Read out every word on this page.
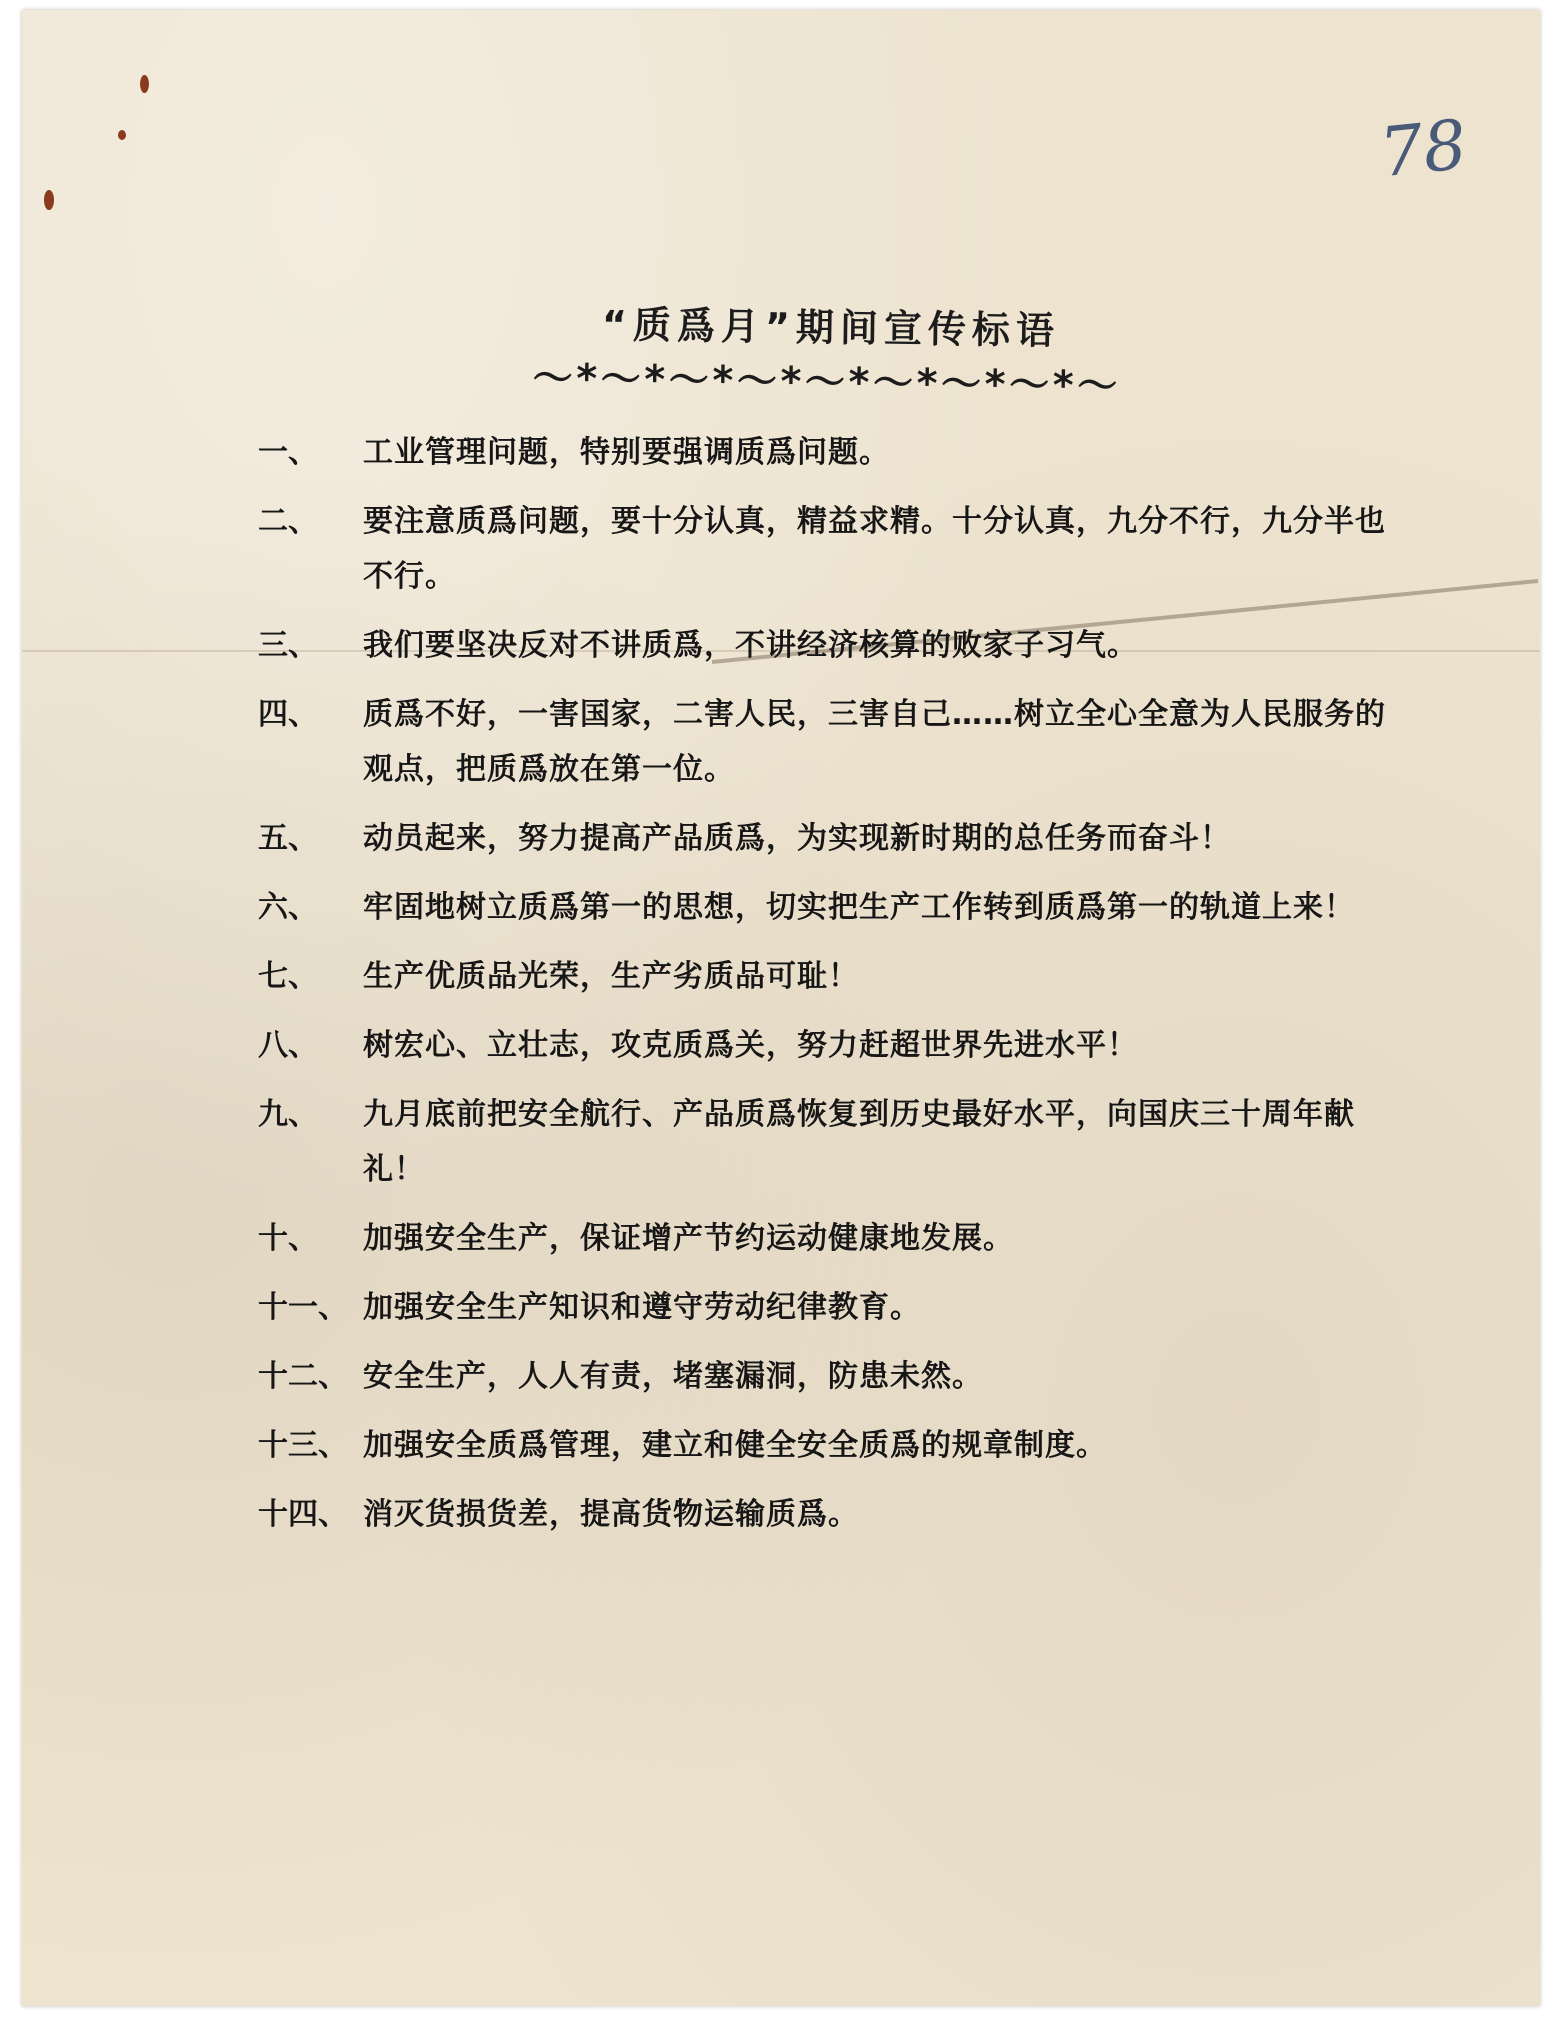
78
“质爲月”期间宣传标语
〜*〜*〜*〜*〜*〜*〜*〜*〜
一、	工业管理问题，特别要强调质爲问题。
二、	要注意质爲问题，要十分认真，精益求精。十分认真，九分不行，九分半也不行。
三、	我们要坚决反对不讲质爲，不讲经济核算的败家子习气。
四、	质爲不好，一害国家，二害人民，三害自己……树立全心全意为人民服务的观点，把质爲放在第一位。
五、	动员起来，努力提高产品质爲，为实现新时期的总任务而奋斗！
六、	牢固地树立质爲第一的思想，切实把生产工作转到质爲第一的轨道上来！
七、	生产优质品光荣，生产劣质品可耻！
八、	树宏心、立壮志，攻克质爲关，努力赶超世界先进水平！
九、	九月底前把安全航行、产品质爲恢复到历史最好水平，向国庆三十周年献礼！
十、	加强安全生产，保证增产节约运动健康地发展。
十一、 加强安全生产知识和遵守劳动纪律教育。
十二、 安全生产，人人有责，堵塞漏洞，防患未然。
十三、 加强安全质爲管理，建立和健全安全质爲的规章制度。
十四、 消灭货损货差，提高货物运输质爲。
